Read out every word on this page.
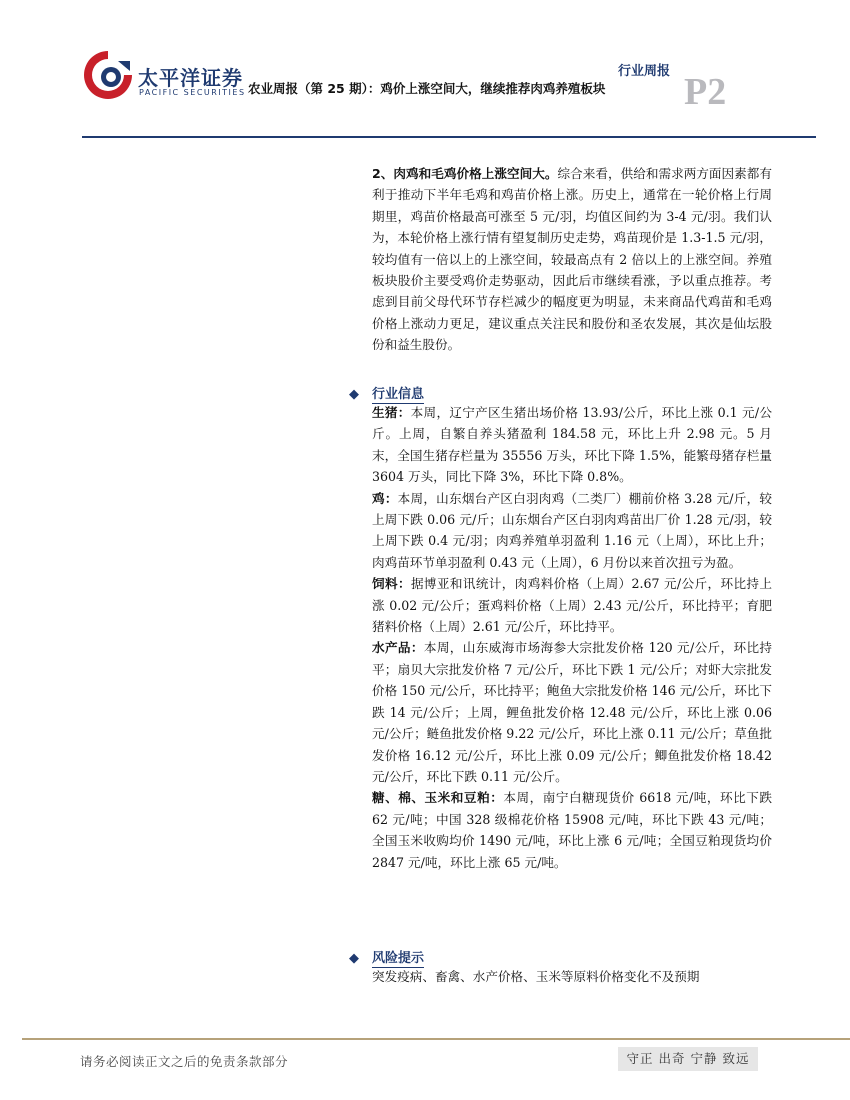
太平洋证券
PACIFIC SECURITIES
行业周报
农业周报（第 25 期）：鸡价上涨空间大，继续推荐肉鸡养殖板块 P2
2、肉鸡和毛鸡价格上涨空间大。综合来看，供给和需求两方面因素都有利于推动下半年毛鸡和鸡苗价格上涨。历史上，通常在一轮价格上行周期里，鸡苗价格最高可涨至 5 元/羽，均值区间约为 3-4 元/羽。我们认为，本轮价格上涨行情有望复制历史走势，鸡苗现价是 1.3-1.5 元/羽，较均值有一倍以上的上涨空间，较最高点有 2 倍以上的上涨空间。养殖板块股价主要受鸡价走势驱动，因此后市继续看涨，予以重点推荐。考虑到目前父母代环节存栏减少的幅度更为明显，未来商品代鸡苗和毛鸡价格上涨动力更足，建议重点关注民和股份和圣农发展，其次是仙坛股份和益生股份。
◆ 行业信息
生猪：本周，辽宁产区生猪出场价格 13.93/公斤，环比上涨 0.1 元/公斤。上周，自繁自养头猪盈利 184.58 元，环比上升 2.98 元。5 月末，全国生猪存栏量为 35556 万头，环比下降 1.5%，能繁母猪存栏量 3604 万头，同比下降 3%，环比下降 0.8%。
鸡：本周，山东烟台产区白羽肉鸡（二类厂）棚前价格 3.28 元/斤，较上周下跌 0.06 元/斤；山东烟台产区白羽肉鸡苗出厂价 1.28 元/羽，较上周下跌 0.4 元/羽；肉鸡养殖单羽盈利 1.16 元（上周），环比上升；肉鸡苗环节单羽盈利 0.43 元（上周），6 月份以来首次扭亏为盈。
饲料：据博亚和讯统计，肉鸡料价格（上周）2.67 元/公斤，环比持上涨 0.02 元/公斤；蛋鸡料价格（上周）2.43 元/公斤，环比持平；育肥猪料价格（上周）2.61 元/公斤，环比持平。
水产品：本周，山东威海市场海参大宗批发价格 120 元/公斤，环比持平；扇贝大宗批发价格 7 元/公斤，环比下跌 1 元/公斤；对虾大宗批发价格 150 元/公斤，环比持平；鲍鱼大宗批发价格 146 元/公斤，环比下跌 14 元/公斤；上周，鲤鱼批发价格 12.48 元/公斤，环比上涨 0.06 元/公斤；鲢鱼批发价格 9.22 元/公斤，环比上涨 0.11 元/公斤；草鱼批发价格 16.12 元/公斤，环比上涨 0.09 元/公斤；鲫鱼批发价格 18.42 元/公斤，环比下跌 0.11 元/公斤。
糖、棉、玉米和豆粕：本周，南宁白糖现货价 6618 元/吨，环比下跌 62 元/吨；中国 328 级棉花价格 15908 元/吨，环比下跌 43 元/吨；全国玉米收购均价 1490 元/吨，环比上涨 6 元/吨；全国豆粕现货均价 2847 元/吨，环比上涨 65 元/吨。
◆ 风险提示
突发疫病、畜禽、水产价格、玉米等原料价格变化不及预期
请务必阅读正文之后的免责条款部分	守正 出奇 宁静 致远
